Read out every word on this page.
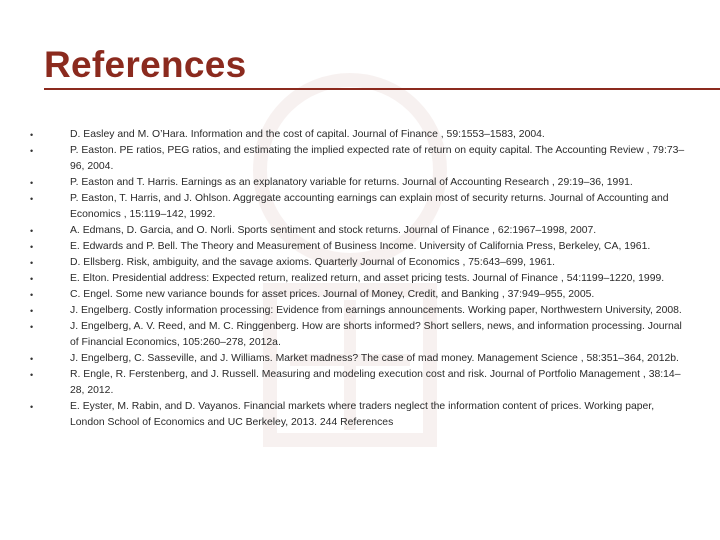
References
•	D. Easley and M. O’Hara. Information and the cost of capital. Journal of Finance , 59:1553–1583, 2004.
•	P. Easton. PE ratios, PEG ratios, and estimating the implied expected rate of return on equity capital. The Accounting Review , 79:73–96, 2004.
•	P. Easton and T. Harris. Earnings as an explanatory variable for returns. Journal of Accounting Research , 29:19–36, 1991.
•	P. Easton, T. Harris, and J. Ohlson. Aggregate accounting earnings can explain most of security returns. Journal of Accounting and Economics , 15:119–142, 1992.
•	A. Edmans, D. Garcia, and O. Norli. Sports sentiment and stock returns. Journal of Finance , 62:1967–1998, 2007.
•	E. Edwards and P. Bell. The Theory and Measurement of Business Income. University of California Press, Berkeley, CA, 1961.
•	D. Ellsberg. Risk, ambiguity, and the savage axioms. Quarterly Journal of Economics , 75:643–699, 1961.
•	E. Elton. Presidential address: Expected return, realized return, and asset pricing tests. Journal of Finance , 54:1199–1220, 1999.
•	C. Engel. Some new variance bounds for asset prices. Journal of Money, Credit, and Banking , 37:949–955, 2005.
•	J. Engelberg. Costly information processing: Evidence from earnings announcements. Working paper, Northwestern University, 2008.
•	J. Engelberg, A. V. Reed, and M. C. Ringgenberg. How are shorts informed? Short sellers, news, and information processing. Journal of Financial Economics, 105:260–278, 2012a.
•	J. Engelberg, C. Sasseville, and J. Williams. Market madness? The case of mad money. Management Science , 58:351–364, 2012b.
•	R. Engle, R. Ferstenberg, and J. Russell. Measuring and modeling execution cost and risk. Journal of Portfolio Management , 38:14–28, 2012.
•	E. Eyster, M. Rabin, and D. Vayanos. Financial markets where traders neglect the information content of prices. Working paper, London School of Economics and UC Berkeley, 2013. 244 References
